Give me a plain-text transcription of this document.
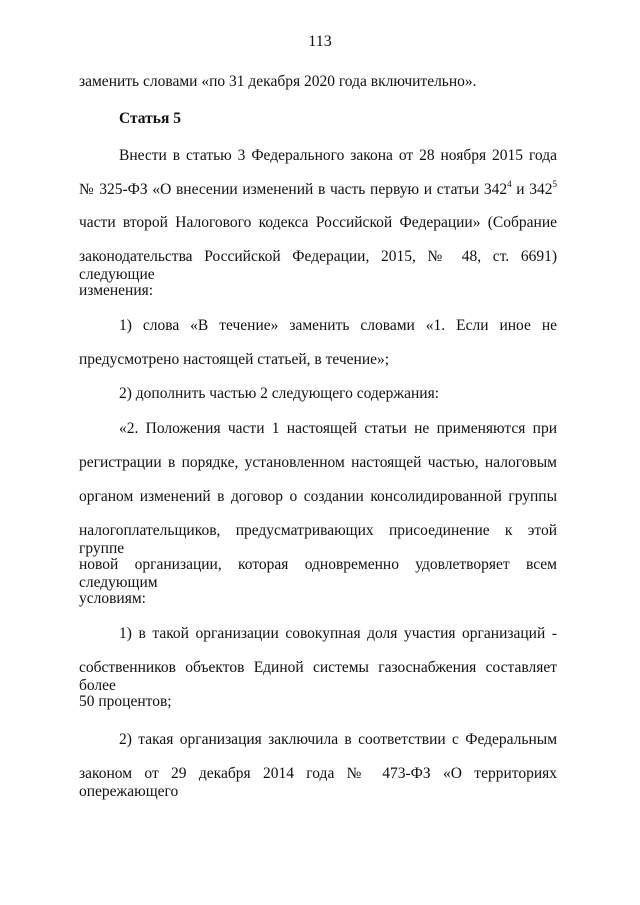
113

заменить словами «по 31 декабря 2020 года включительно».

Статья 5

Внести в статью 3 Федерального закона от 28 ноября 2015 года

№ 325-ФЗ «О внесении изменений в часть первую и статьи $342^4$ и $342^5$

части второй Налогового кодекса Российской Федерации» (Собрание

законодательства Российской Федерации, 2015, № 48, ст. 6691) следующие

изменения:

1) слова «В течение» заменить словами «1. Если иное не

предусмотрено настоящей статьей, в течение»;

2) дополнить частью 2 следующего содержания:

«2. Положения части 1 настоящей статьи не применяются при

регистрации в порядке, установленном настоящей частью, налоговым

органом изменений в договор о создании консолидированной группы

налогоплательщиков, предусматривающих присоединение к этой группе

новой организации, которая одновременно удовлетворяет всем следующим

условиям:

1) в такой организации совокупная доля участия организаций -

собственников объектов Единой системы газоснабжения составляет более

50 процентов;

2) такая организация заключила в соответствии с Федеральным

законом от 29 декабря 2014 года № 473-ФЗ «О территориях опережающего
